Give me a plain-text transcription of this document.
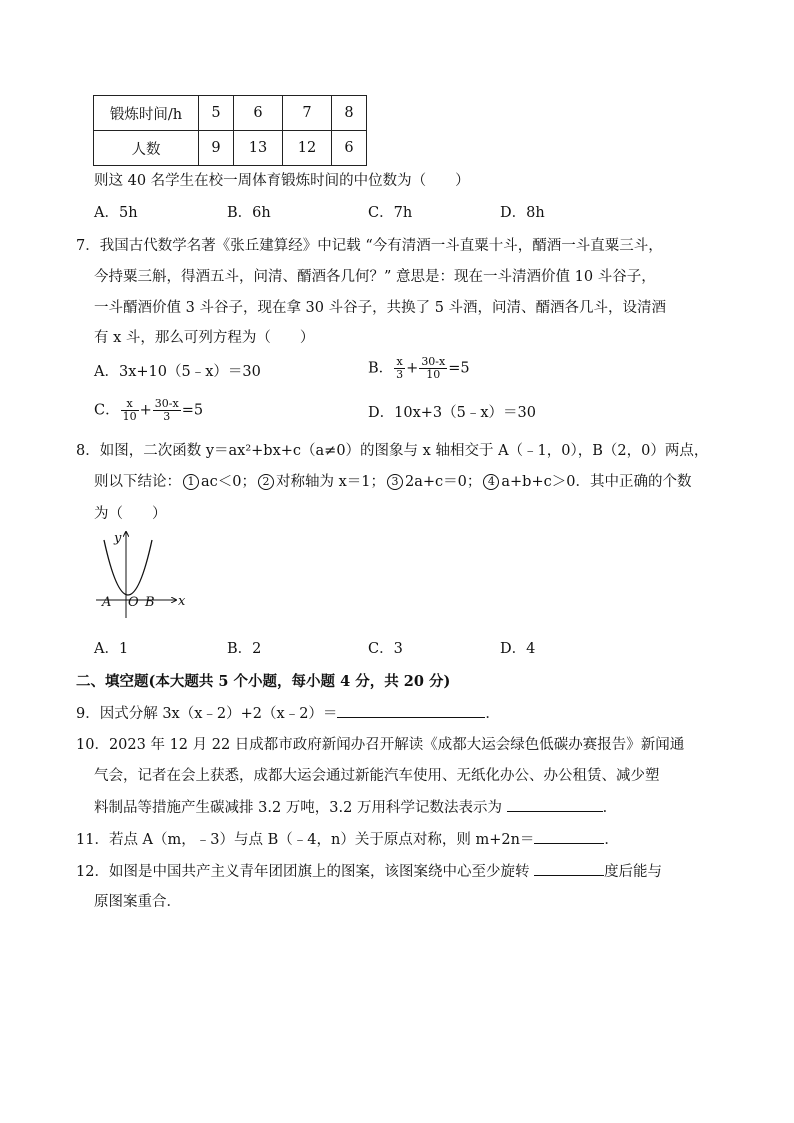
锻炼时间/h	5	6	7	8
人数	9	13	12	6
则这 40 名学生在校一周体育锻炼时间的中位数为（　　）
A．5h	B．6h	C．7h	D．8h
7．我国古代数学名著《张丘建算经》中记载 “今有清酒一斗直粟十斗，醑酒一斗直粟三斗，
今持粟三斛，得酒五斗，问清、醑酒各几何？” 意思是：现在一斗清酒价值 10 斗谷子，
一斗醑酒价值 3 斗谷子，现在拿 30 斗谷子，共换了 5 斗酒，问清、醑酒各几斗，设清酒
有 x 斗，那么可列方程为（　　）
A．3x+10（5﹣x）＝30	B． $\frac{x}{3} + \frac{30-x}{10} =5$
C． $\frac{x}{10} + \frac{30-x}{3} =5$	D．10x+3（5﹣x）＝30
8．如图，二次函数 y＝ax²+bx+c（a≠0）的图象与 x 轴相交于 A（﹣1，0），B（2，0）两点，
则以下结论： 1 ac＜0； 2 对称轴为 x＝1； 3 2a+c＝0； 4 a+b+c＞0．其中正确的个数
为（　　）
y
x
A O B
A．1	B．2	C．3	D．4
二、填空题(本大题共 5 个小题，每小题 4 分，共 20 分)
9．因式分解 3x（x﹣2）+2（x﹣2）＝	．
10．2023 年 12 月 22 日成都市政府新闻办召开解读《成都大运会绿色低碳办赛报告》新闻通
气会，记者在会上获悉，成都大运会通过新能汽车使用、无纸化办公、办公租赁、减少塑
料制品等措施产生碳减排 3.2 万吨，3.2 万用科学记数法表示为	．
11．若点 A（m，﹣3）与点 B（﹣4，n）关于原点对称，则 m+2n＝	．
12．如图是中国共产主义青年团团旗上的图案，该图案绕中心至少旋转	度后能与
原图案重合．
